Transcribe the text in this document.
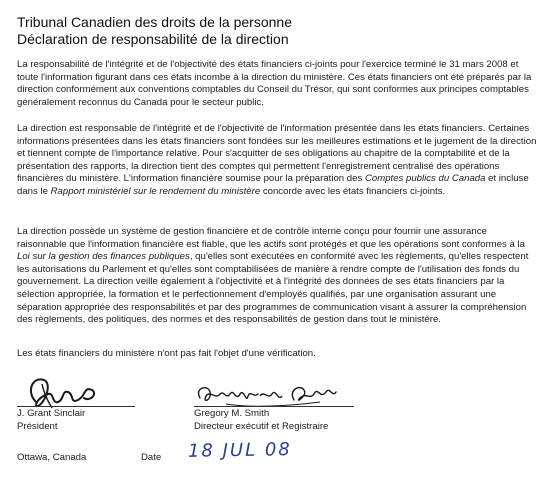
Tribunal Canadien des droits de la personne
Déclaration de responsabilité de la direction

La responsabilité de l'intégrité et de l'objectivité des états financiers ci-joints pour l'exercice terminé le 31 mars 2008 et toute l'information figurant dans ces états incombe à la direction du ministère. Ces états financiers ont été préparés par la direction conformément aux conventions comptables du Conseil du Trésor, qui sont conformes aux principes comptables généralement reconnus du Canada pour le secteur public.

La direction est responsable de l'intégrité et de l'objectivité de l'information présentée dans les états financiers. Certaines informations présentées dans les états financiers sont fondées sur les meilleures estimations et le jugement de la direction et tiennent compte de l'importance relative. Pour s'acquitter de ses obligations au chapitre de la comptabilité et de la présentation des rapports, la direction tient des comptes qui permettent l'enregistrement centralisé des opérations financières du ministère. L'information financière soumise pour la préparation des Comptes publics du Canada et incluse dans le Rapport ministériel sur le rendement du ministère concorde avec les états financiers ci-joints.

La direction possède un système de gestion financière et de contrôle interne conçu pour fournir une assurance raisonnable que l'information financière est fiable, que les actifs sont protégés et que les opérations sont conformes à la Loi sur la gestion des finances publiques, qu'elles sont exécutées en conformité avec les règlements, qu'elles respectent les autorisations du Parlement et qu'elles sont comptabilisées de manière à rendre compte de l'utilisation des fonds du gouvernement. La direction veille également à l'objectivité et à l'intégrité des données de ses états financiers par la sélection appropriée, la formation et le perfectionnement d'employés qualifiés, par une organisation assurant une séparation appropriée des responsabilités et par des programmes de communication visant à assurer la compréhension des règlements, des politiques, des normes et des responsabilités de gestion dans tout le ministère.

Les états financiers du ministère n'ont pas fait l'objet d'une vérification.

J. Grant Sinclair

Président

Gregory M. Smith

Directeur exécutif et Registraire

Ottawa, Canada	Date 18 JUL 08
